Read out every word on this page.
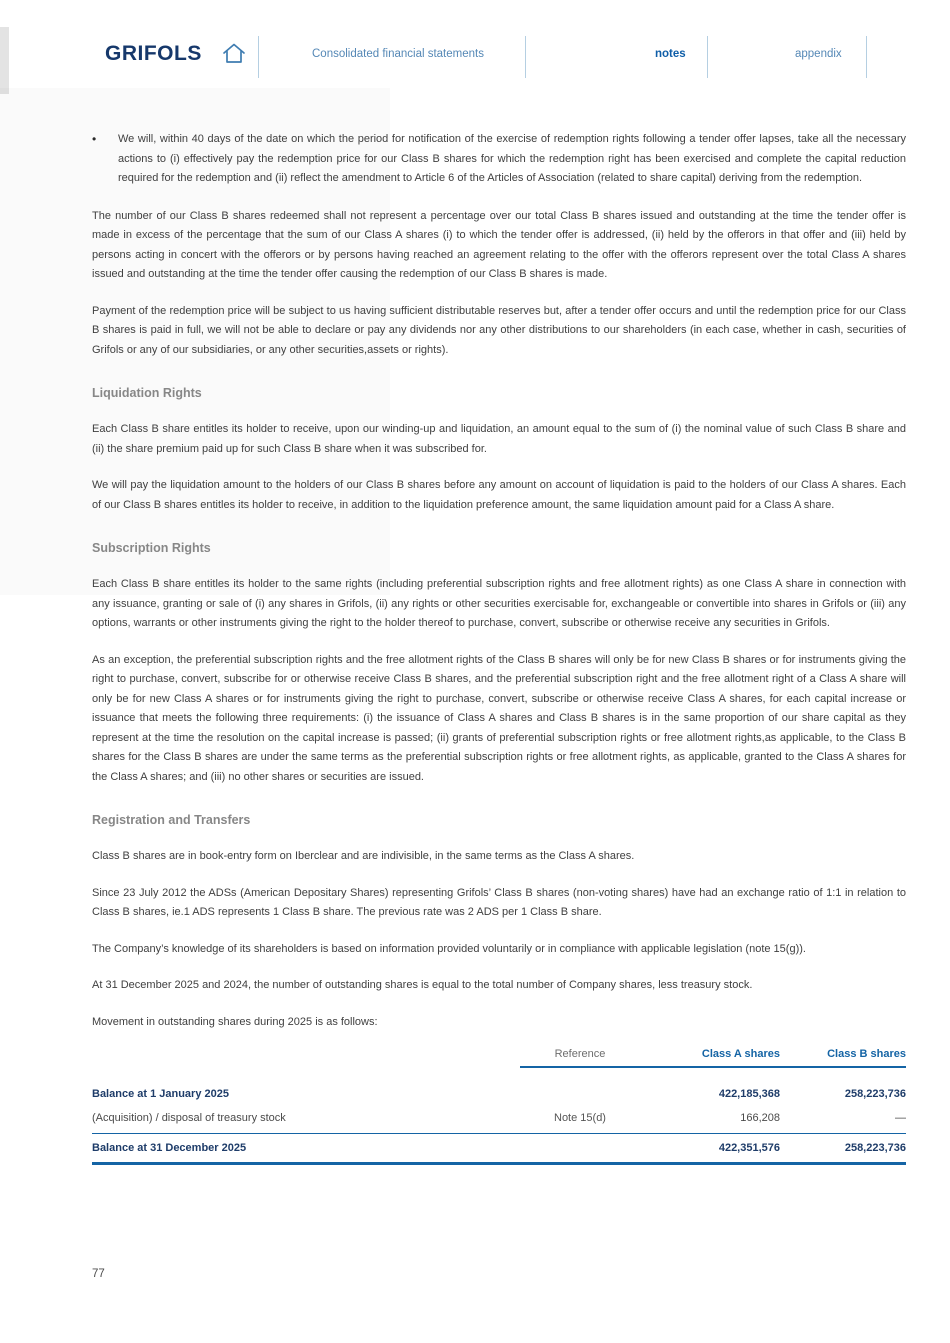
GRIFOLS	Consolidated financial statements	notes	appendix
•	We will, within 40 days of the date on which the period for notification of the exercise of redemption rights following a tender offer lapses, take all the necessary actions to (i) effectively pay the redemption price for our Class B shares for which the redemption right has been exercised and complete the capital reduction required for the redemption and (ii) reflect the amendment to Article 6 of the Articles of Association (related to share capital) deriving from the redemption.
The number of our Class B shares redeemed shall not represent a percentage over our total Class B shares issued and outstanding at the time the tender offer is made in excess of the percentage that the sum of our Class A shares (i) to which the tender offer is addressed, (ii) held by the offerors in that offer and (iii) held by persons acting in concert with the offerors or by persons having reached an agreement relating to the offer with the offerors represent over the total Class A shares issued and outstanding at the time the tender offer causing the redemption of our Class B shares is made.
Payment of the redemption price will be subject to us having sufficient distributable reserves but, after a tender offer occurs and until the redemption price for our Class B shares is paid in full, we will not be able to declare or pay any dividends nor any other distributions to our shareholders (in each case, whether in cash, securities of Grifols or any of our subsidiaries, or any other securities,assets or rights).
Liquidation Rights
Each Class B share entitles its holder to receive, upon our winding-up and liquidation, an amount equal to the sum of (i) the nominal value of such Class B share and (ii) the share premium paid up for such Class B share when it was subscribed for.
We will pay the liquidation amount to the holders of our Class B shares before any amount on account of liquidation is paid to the holders of our Class A shares. Each of our Class B shares entitles its holder to receive, in addition to the liquidation preference amount, the same liquidation amount paid for a Class A share.
Subscription Rights
Each Class B share entitles its holder to the same rights (including preferential subscription rights and free allotment rights) as one Class A share in connection with any issuance, granting or sale of (i) any shares in Grifols, (ii) any rights or other securities exercisable for, exchangeable or convertible into shares in Grifols or (iii) any options, warrants or other instruments giving the right to the holder thereof to purchase, convert, subscribe or otherwise receive any securities in Grifols.
As an exception, the preferential subscription rights and the free allotment rights of the Class B shares will only be for new Class B shares or for instruments giving the right to purchase, convert, subscribe for or otherwise receive Class B shares, and the preferential subscription right and the free allotment right of a Class A share will only be for new Class A shares or for instruments giving the right to purchase, convert, subscribe or otherwise receive Class A shares, for each capital increase or issuance that meets the following three requirements: (i) the issuance of Class A shares and Class B shares is in the same proportion of our share capital as they represent at the time the resolution on the capital increase is passed; (ii) grants of preferential subscription rights or free allotment rights,as applicable, to the Class B shares for the Class B shares are under the same terms as the preferential subscription rights or free allotment rights, as applicable, granted to the Class A shares for the Class A shares; and (iii) no other shares or securities are issued.
Registration and Transfers
Class B shares are in book-entry form on Iberclear and are indivisible, in the same terms as the Class A shares.
Since 23 July 2012 the ADSs (American Depositary Shares) representing Grifols’ Class B shares (non-voting shares) have had an exchange ratio of 1:1 in relation to Class B shares, ie.1 ADS represents 1 Class B share. The previous rate was 2 ADS per 1 Class B share.
The Company’s knowledge of its shareholders is based on information provided voluntarily or in compliance with applicable legislation (note 15(g)).
At 31 December 2025 and 2024, the number of outstanding shares is equal to the total number of Company shares, less treasury stock.
Movement in outstanding shares during 2025 is as follows:
	Reference	Class A shares	Class B shares
Balance at 1 January 2025		422,185,368	258,223,736
(Acquisition) / disposal of treasury stock	Note 15(d)	166,208	—
Balance at 31 December 2025		422,351,576	258,223,736
77
